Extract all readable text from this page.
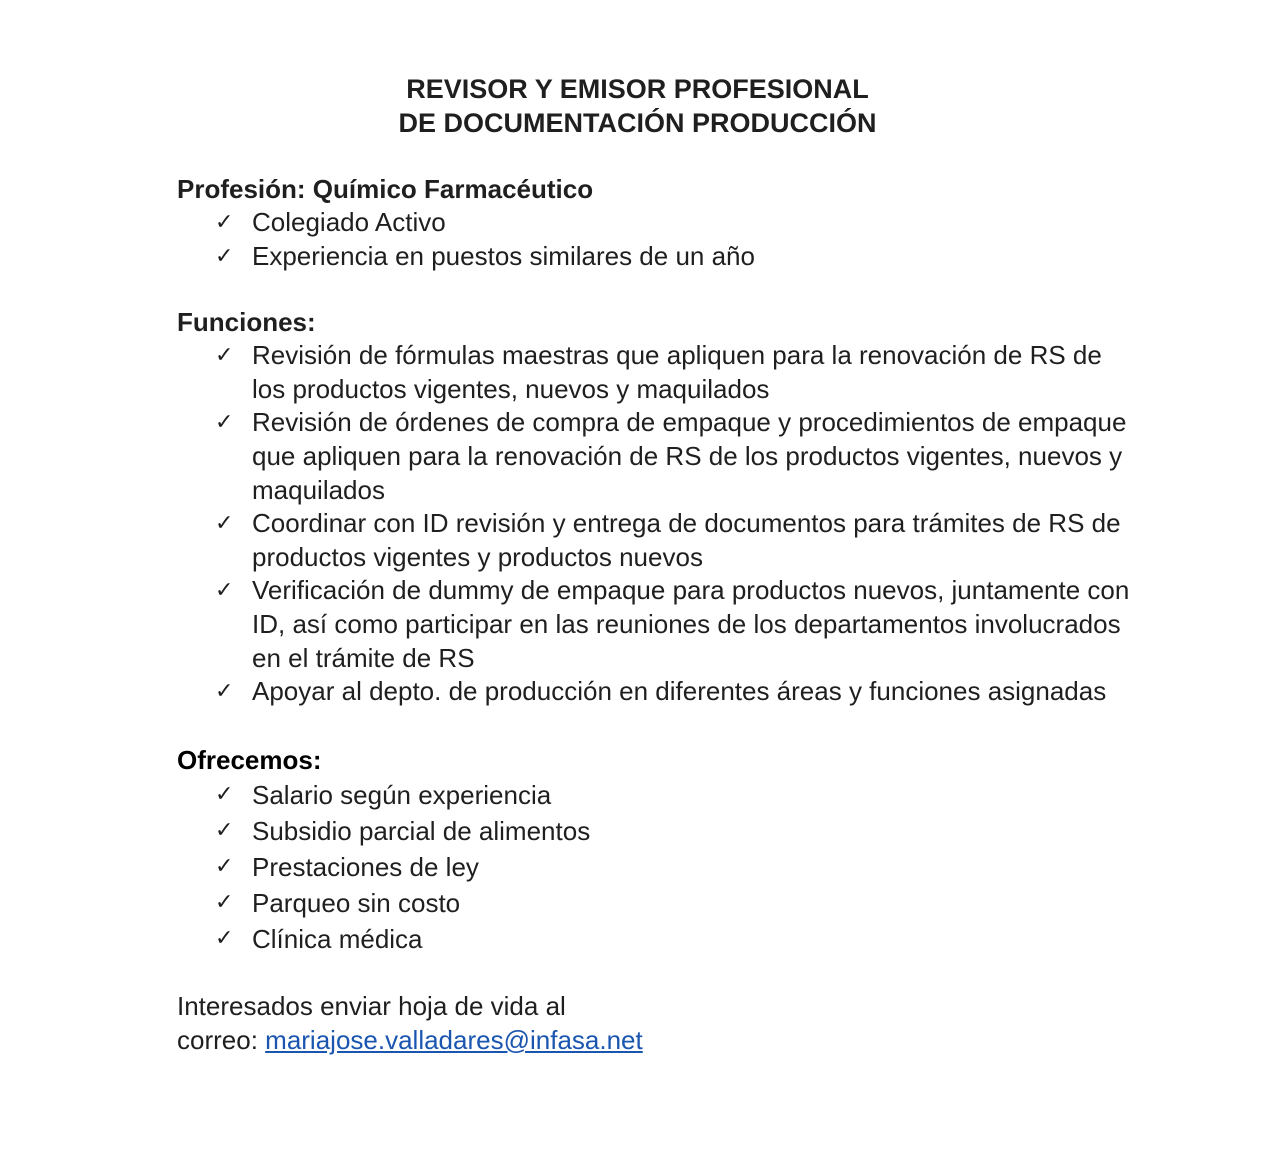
REVISOR Y EMISOR PROFESIONAL
DE DOCUMENTACIÓN PRODUCCIÓN

Profesión: Químico Farmacéutico

✓ Colegiado Activo
✓ Experiencia en puestos similares de un año

Funciones:

✓ Revisión de fórmulas maestras que apliquen para la renovación de RS de los productos vigentes, nuevos y maquilados
✓ Revisión de órdenes de compra de empaque y procedimientos de empaque que apliquen para la renovación de RS de los productos vigentes, nuevos y maquilados
✓ Coordinar con ID revisión y entrega de documentos para trámites de RS de productos vigentes y productos nuevos
✓ Verificación de dummy de empaque para productos nuevos, juntamente con ID, así como participar en las reuniones de los departamentos involucrados en el trámite de RS
✓ Apoyar al depto. de producción en diferentes áreas y funciones asignadas

Ofrecemos:

✓ Salario según experiencia
✓ Subsidio parcial de alimentos
✓ Prestaciones de ley
✓ Parqueo sin costo
✓ Clínica médica
Interesados enviar hoja de vida al
correo: mariajose.valladares@infasa.net
